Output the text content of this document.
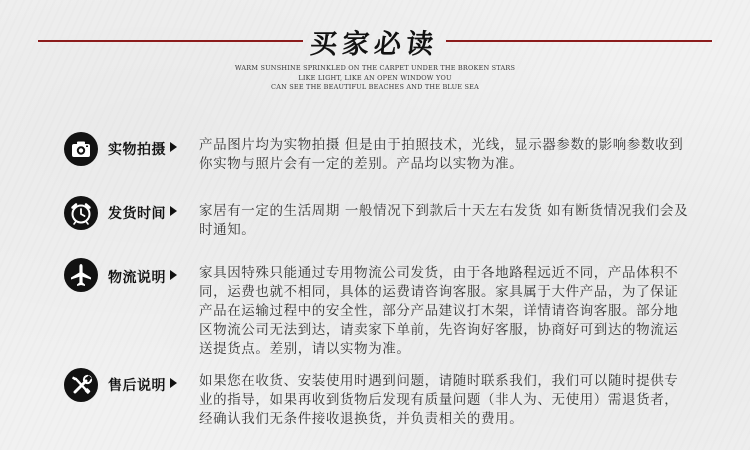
买家必读
WARM SUNSHINE SPRINKLED ON THE CARPET UNDER THE BROKEN STARS
LIKE LIGHT, LIKE AN OPEN WINDOW YOU
CAN SEE THE BEAUTIFUL BEACHES AND THE BLUE SEA
实物拍摄 产品图片均为实物拍摄 但是由于拍照技术，光线，显示器参数的影响参数收到你实物与照片会有一定的差别。产品均以实物为准。
发货时间 家居有一定的生活周期 一般情况下到款后十天左右发货 如有断货情况我们会及时通知。
物流说明 家具因特殊只能通过专用物流公司发货，由于各地路程远近不同，产品体积不同，运费也就不相同，具体的运费请咨询客服。家具属于大件产品，为了保证产品在运输过程中的安全性，部分产品建议打木架，详情请咨询客服。部分地区物流公司无法到达，请卖家下单前，先咨询好客服，协商好可到达的物流运送提货点。差别，请以实物为准。
售后说明 如果您在收货、安装使用时遇到问题，请随时联系我们，我们可以随时提供专业的指导，如果再收到货物后发现有质量问题（非人为、无使用）需退货者，经确认我们无条件接收退换货，并负责相关的费用。
